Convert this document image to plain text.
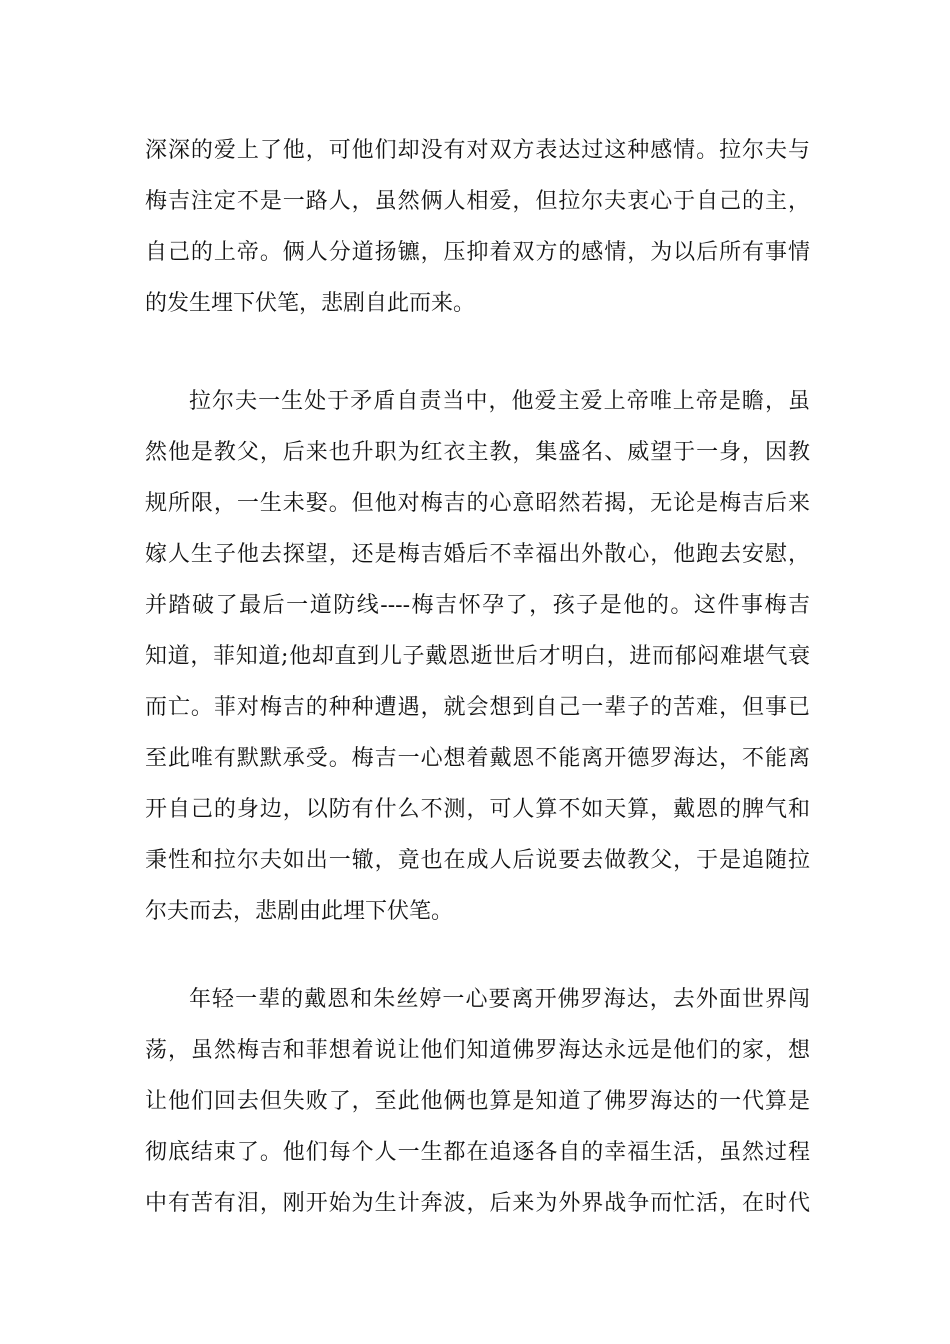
深深的爱上了他，可他们却没有对双方表达过这种感情。拉尔夫与
梅吉注定不是一路人，虽然俩人相爱，但拉尔夫衷心于自己的主，
自己的上帝。俩人分道扬镳，压抑着双方的感情，为以后所有事情
的发生埋下伏笔，悲剧自此而来。
拉尔夫一生处于矛盾自责当中，他爱主爱上帝唯上帝是瞻，虽
然他是教父，后来也升职为红衣主教，集盛名、威望于一身，因教
规所限，一生未娶。但他对梅吉的心意昭然若揭，无论是梅吉后来
嫁人生子他去探望，还是梅吉婚后不幸福出外散心，他跑去安慰，
并踏破了最后一道防线----梅吉怀孕了，孩子是他的。这件事梅吉
知道，菲知道;他却直到儿子戴恩逝世后才明白，进而郁闷难堪气衰
而亡。菲对梅吉的种种遭遇，就会想到自己一辈子的苦难，但事已
至此唯有默默承受。梅吉一心想着戴恩不能离开德罗海达，不能离
开自己的身边，以防有什么不测，可人算不如天算，戴恩的脾气和
秉性和拉尔夫如出一辙，竟也在成人后说要去做教父，于是追随拉
尔夫而去，悲剧由此埋下伏笔。
年轻一辈的戴恩和朱丝婷一心要离开佛罗海达，去外面世界闯
荡，虽然梅吉和菲想着说让他们知道佛罗海达永远是他们的家，想
让他们回去但失败了，至此他俩也算是知道了佛罗海达的一代算是
彻底结束了。他们每个人一生都在追逐各自的幸福生活，虽然过程
中有苦有泪，刚开始为生计奔波，后来为外界战争而忙活，在时代
